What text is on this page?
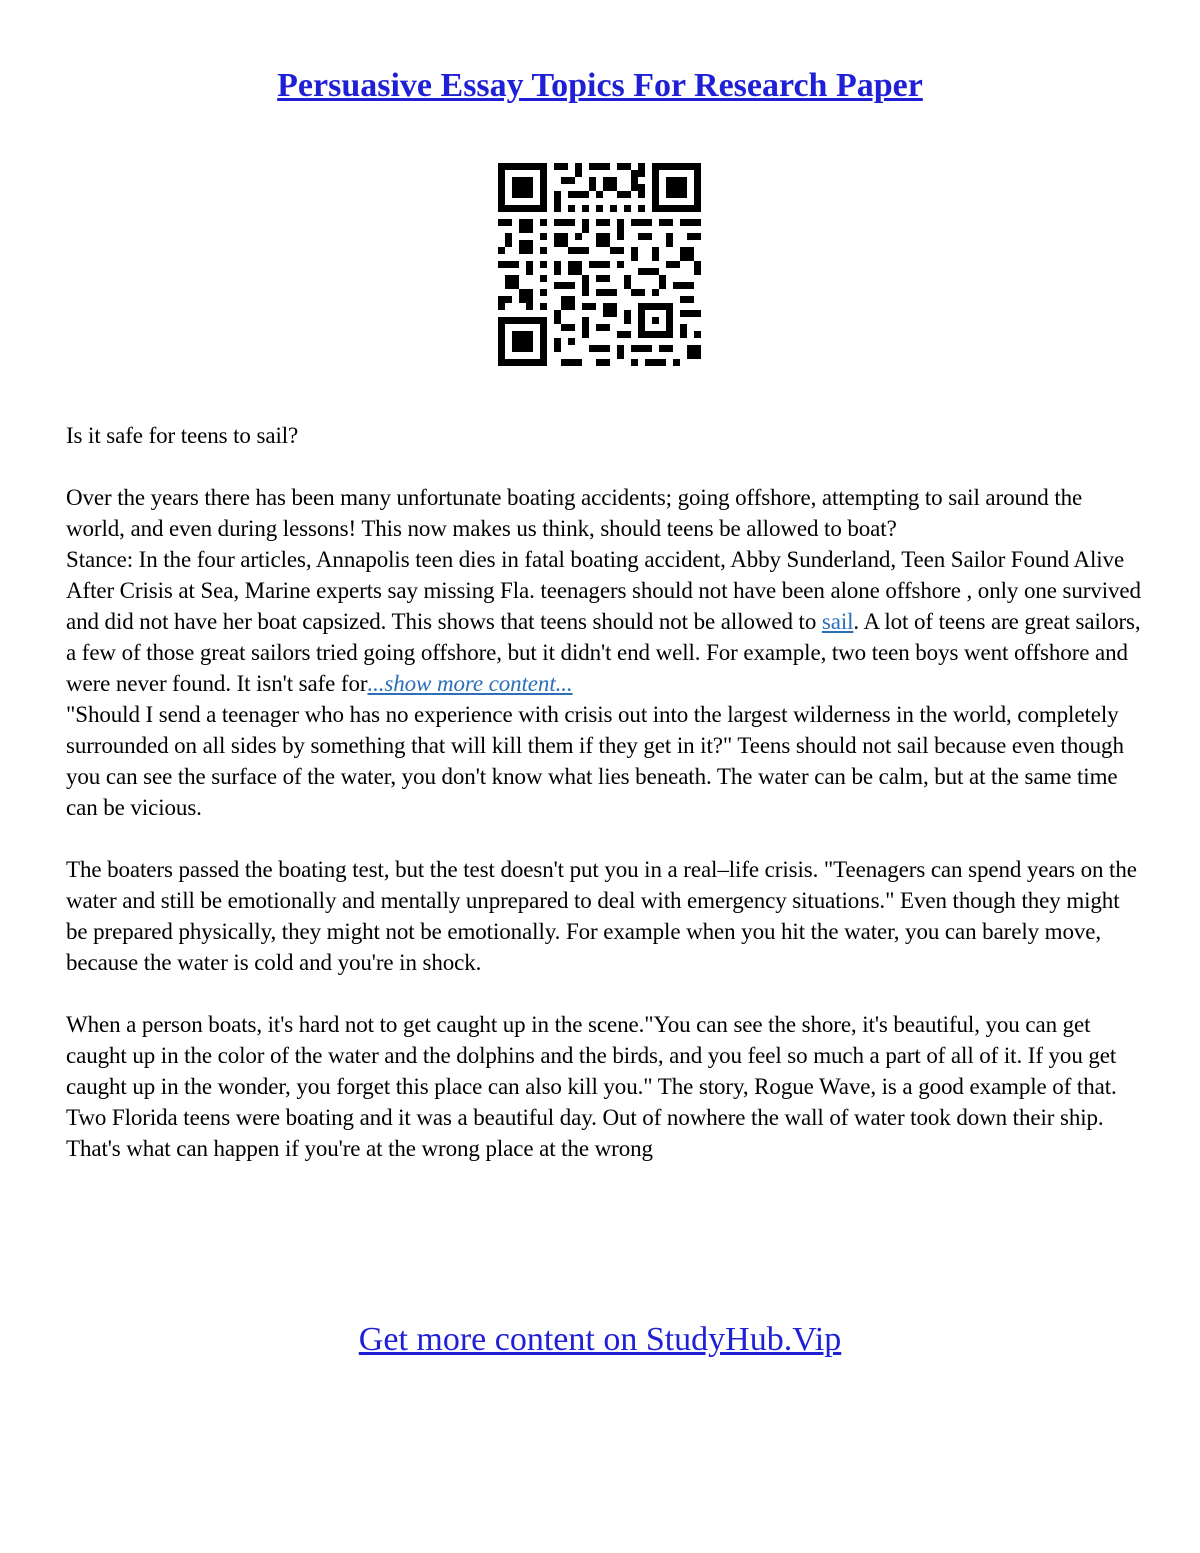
Persuasive Essay Topics For Research Paper

Is it safe for teens to sail?

Over the years there has been many unfortunate boating accidents; going offshore, attempting to sail around the world, and even during lessons! This now makes us think, should teens be allowed to boat?

Stance: In the four articles, Annapolis teen dies in fatal boating accident, Abby Sunderland, Teen Sailor Found Alive After Crisis at Sea, Marine experts say missing Fla. teenagers should not have been alone offshore , only one survived and did not have her boat capsized. This shows that teens should not be allowed to sail. A lot of teens are great sailors, a few of those great sailors tried going offshore, but it didn't end well. For example, two teen boys went offshore and were never found. It isn't safe for...show more content...

"Should I send a teenager who has no experience with crisis out into the largest wilderness in the world, completely surrounded on all sides by something that will kill them if they get in it?" Teens should not sail because even though you can see the surface of the water, you don't know what lies beneath. The water can be calm, but at the same time can be vicious.

The boaters passed the boating test, but the test doesn't put you in a real–life crisis. "Teenagers can spend years on the water and still be emotionally and mentally unprepared to deal with emergency situations." Even though they might be prepared physically, they might not be emotionally. For example when you hit the water, you can barely move, because the water is cold and you're in shock.

When a person boats, it's hard not to get caught up in the scene."You can see the shore, it's beautiful, you can get caught up in the color of the water and the dolphins and the birds, and you feel so much a part of all of it. If you get caught up in the wonder, you forget this place can also kill you." The story, Rogue Wave, is a good example of that. Two Florida teens were boating and it was a beautiful day. Out of nowhere the wall of water took down their ship. That's what can happen if you're at the wrong place at the wrong

Get more content on StudyHub.Vip
